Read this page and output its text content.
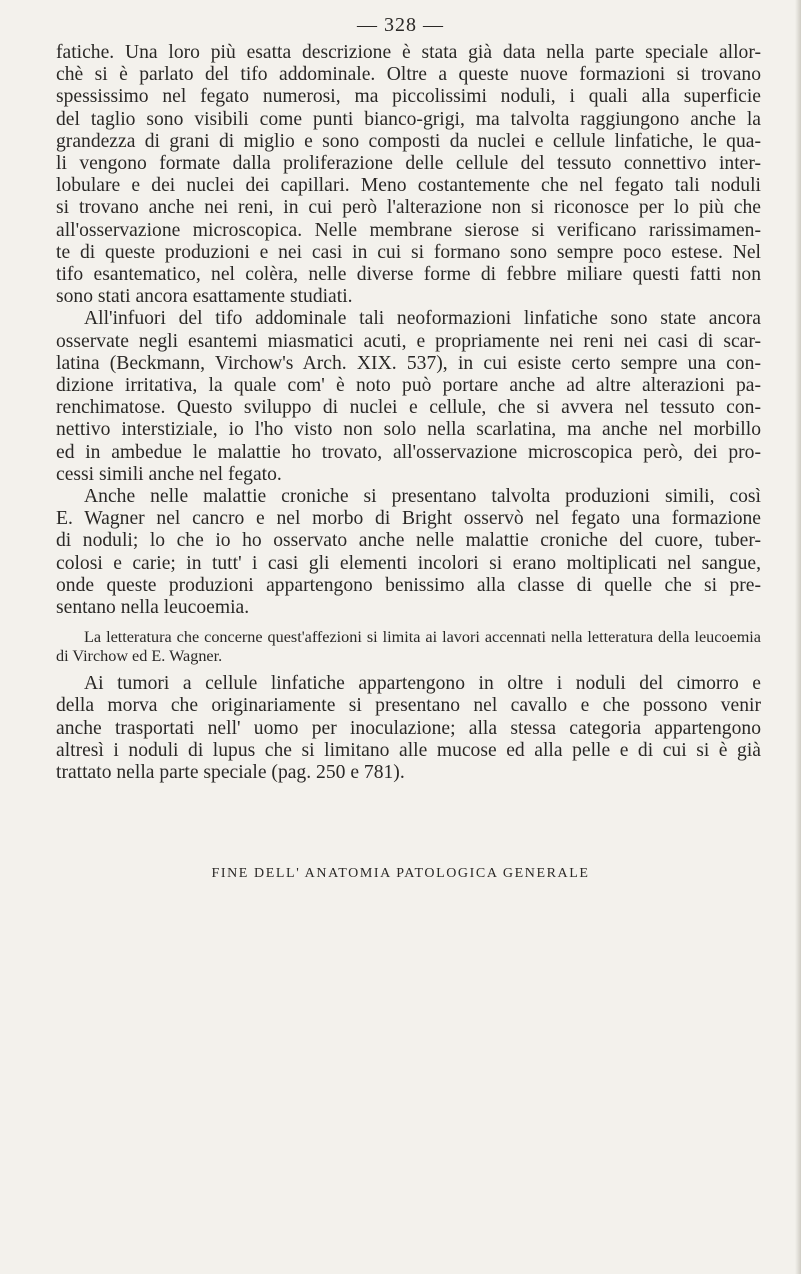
— 328 —
fatiche. Una loro più esatta descrizione è stata già data nella parte speciale allor-
chè si è parlato del tifo addominale. Oltre a queste nuove formazioni si trovano
spessissimo nel fegato numerosi, ma piccolissimi noduli, i quali alla superficie
del taglio sono visibili come punti bianco-grigi, ma talvolta raggiungono anche la
grandezza di grani di miglio e sono composti da nuclei e cellule linfatiche, le qua-
li vengono formate dalla proliferazione delle cellule del tessuto connettivo inter-
lobulare e dei nuclei dei capillari. Meno costantemente che nel fegato tali noduli
si trovano anche nei reni, in cui però l'alterazione non si riconosce per lo più che
all'osservazione microscopica. Nelle membrane sierose si verificano rarissimamen-
te di queste produzioni e nei casi in cui si formano sono sempre poco estese. Nel
tifo esantematico, nel colèra, nelle diverse forme di febbre miliare questi fatti non
sono stati ancora esattamente studiati.
All'infuori del tifo addominale tali neoformazioni linfatiche sono state ancora
osservate negli esantemi miasmatici acuti, e propriamente nei reni nei casi di scar-
latina (Beckmann, Virchow's Arch. XIX. 537), in cui esiste certo sempre una con-
dizione irritativa, la quale com' è noto può portare anche ad altre alterazioni pa-
renchimatose. Questo sviluppo di nuclei e cellule, che si avvera nel tessuto con-
nettivo interstiziale, io l'ho visto non solo nella scarlatina, ma anche nel morbillo
ed in ambedue le malattie ho trovato, all'osservazione microscopica però, dei pro-
cessi simili anche nel fegato.
Anche nelle malattie croniche si presentano talvolta produzioni simili, così
E. Wagner nel cancro e nel morbo di Bright osservò nel fegato una formazione
di noduli; lo che io ho osservato anche nelle malattie croniche del cuore, tuber-
colosi e carie; in tutt' i casi gli elementi incolori si erano moltiplicati nel sangue,
onde queste produzioni appartengono benissimo alla classe di quelle che si pre-
sentano nella leucoemia.
La letteratura che concerne quest'affezioni si limita ai lavori accennati nella letteratura della leucoemia
di Virchow ed E. Wagner.
Ai tumori a cellule linfatiche appartengono in oltre i noduli del cimorro e
della morva che originariamente si presentano nel cavallo e che possono venir
anche trasportati nell' uomo per inoculazione; alla stessa categoria appartengono
altresì i noduli di lupus che si limitano alle mucose ed alla pelle e di cui si è già
trattato nella parte speciale (pag. 250 e 781).
FINE DELL' ANATOMIA PATOLOGICA GENERALE
